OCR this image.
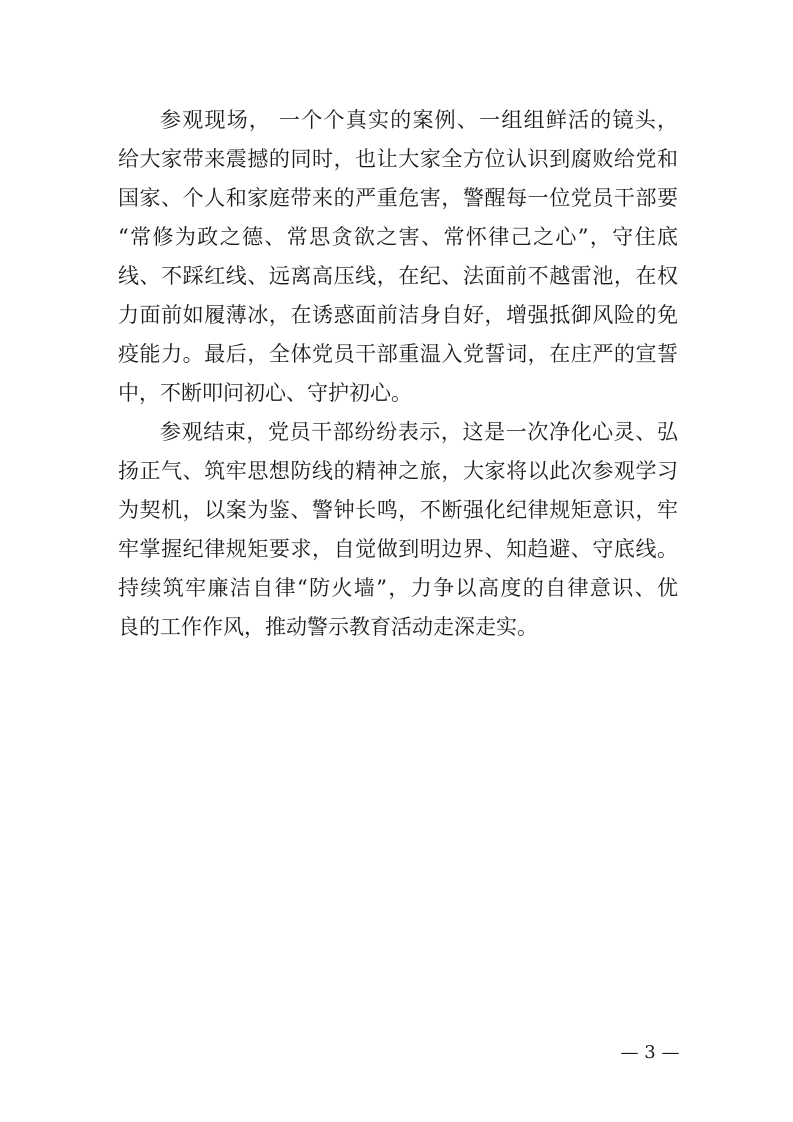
参观现场， 一个个真实的案例、一组组鲜活的镜头，
给大家带来震撼的同时，也让大家全方位认识到腐败给党和
国家、个人和家庭带来的严重危害，警醒每一位党员干部要
“常修为政之德、常思贪欲之害、常怀律己之心”，守住底
线、不踩红线、远离高压线，在纪、法面前不越雷池，在权
力面前如履薄冰，在诱惑面前洁身自好，增强抵御风险的免
疫能力。最后，全体党员干部重温入党誓词，在庄严的宣誓
中，不断叩问初心、守护初心。
参观结束，党员干部纷纷表示，这是一次净化心灵、弘
扬正气、筑牢思想防线的精神之旅，大家将以此次参观学习
为契机，以案为鉴、警钟长鸣，不断强化纪律规矩意识，牢
牢掌握纪律规矩要求，自觉做到明边界、知趋避、守底线。
持续筑牢廉洁自律“防火墙”，力争以高度的自律意识、优
良的工作作风，推动警示教育活动走深走实。
— 3 —
